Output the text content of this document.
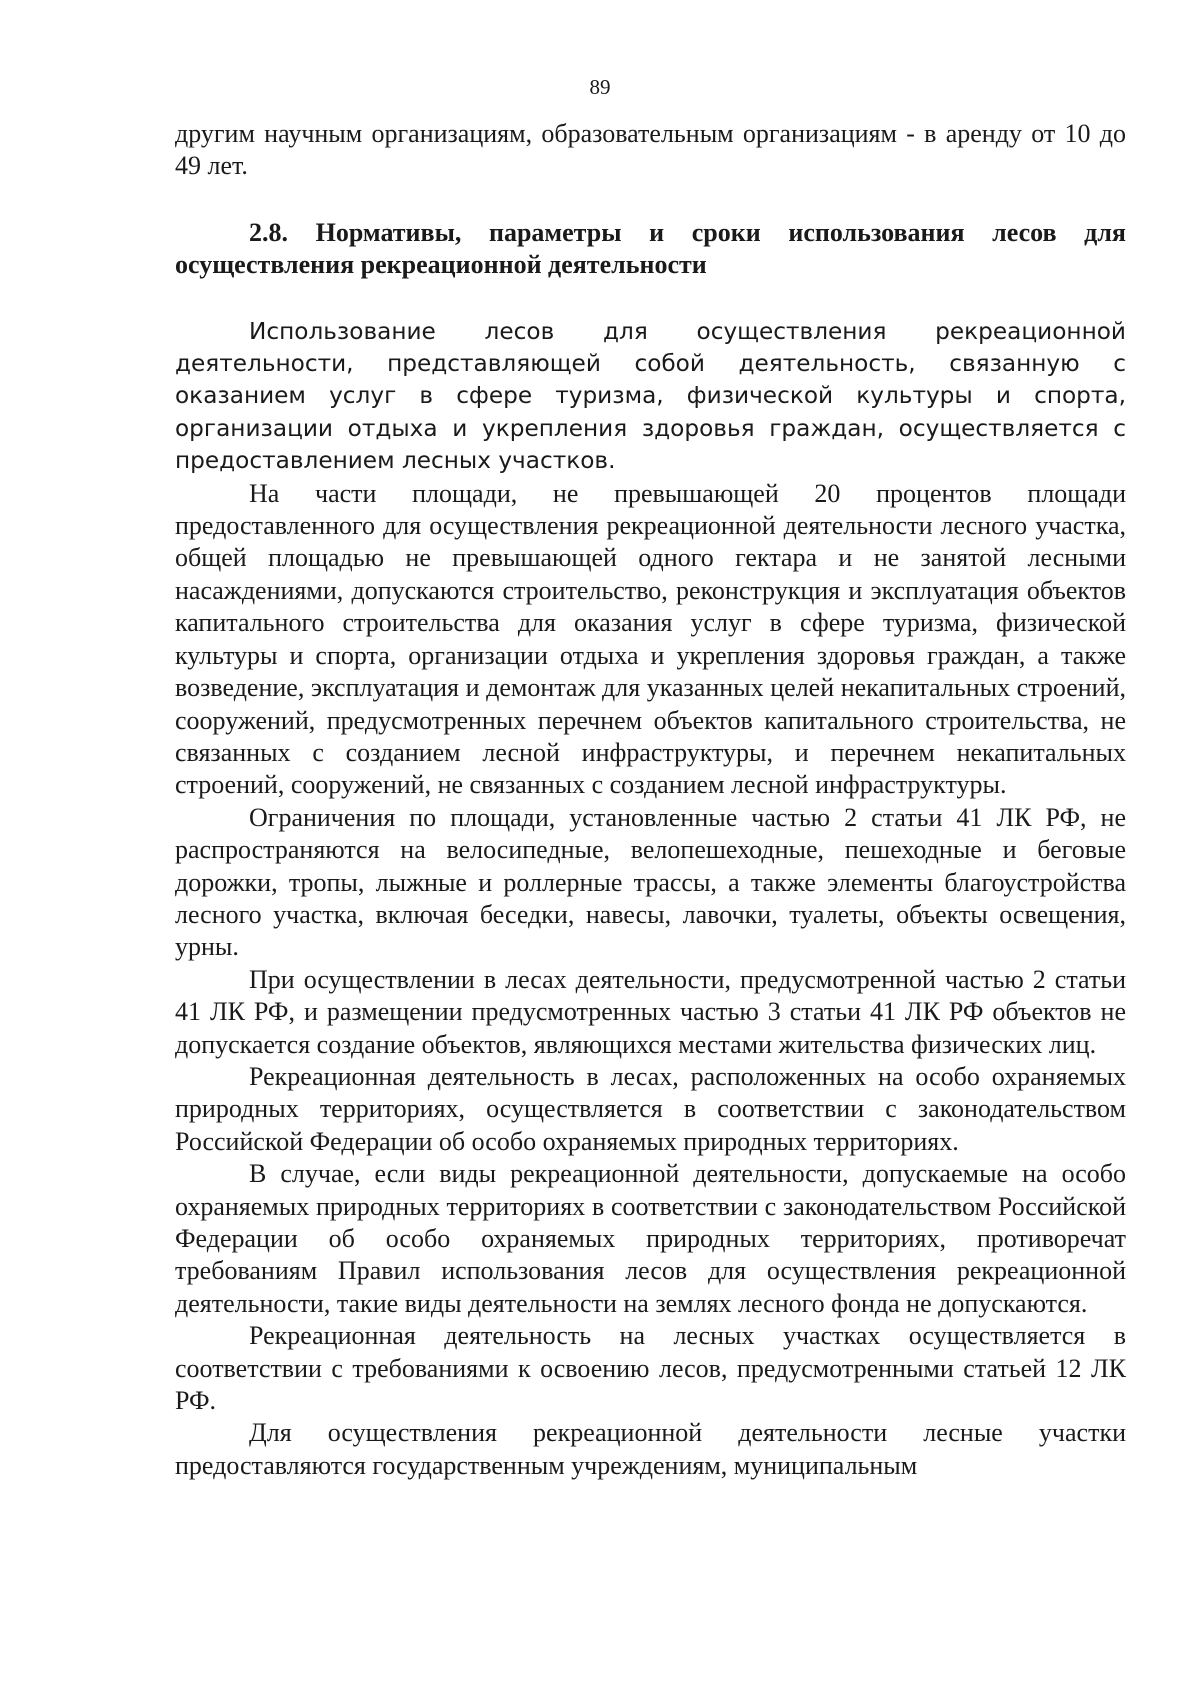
89

другим научным организациям, образовательным организациям - в аренду от 10 до 49 лет.

2.8. Нормативы, параметры и сроки использования лесов для осуществления рекреационной деятельности

Использование лесов для осуществления рекреационной деятельности, представляющей собой деятельность, связанную с оказанием услуг в сфере туризма, физической культуры и спорта, организации отдыха и укрепления здоровья граждан, осуществляется с предоставлением лесных участков.

На части площади, не превышающей 20 процентов площади предоставленного для осуществления рекреационной деятельности лесного участка, общей площадью не превышающей одного гектара и не занятой лесными насаждениями, допускаются строительство, реконструкция и эксплуатация объектов капитального строительства для оказания услуг в сфере туризма, физической культуры и спорта, организации отдыха и укрепления здоровья граждан, а также возведение, эксплуатация и демонтаж для указанных целей некапитальных строений, сооружений, предусмотренных перечнем объектов капитального строительства, не связанных с созданием лесной инфраструктуры, и перечнем некапитальных строений, сооружений, не связанных с созданием лесной инфраструктуры.

Ограничения по площади, установленные частью 2 статьи 41 ЛК РФ, не распространяются на велосипедные, велопешеходные, пешеходные и беговые дорожки, тропы, лыжные и роллерные трассы, а также элементы благоустройства лесного участка, включая беседки, навесы, лавочки, туалеты, объекты освещения, урны.

При осуществлении в лесах деятельности, предусмотренной частью 2 статьи 41 ЛК РФ, и размещении предусмотренных частью 3 статьи 41 ЛК РФ объектов не допускается создание объектов, являющихся местами жительства физических лиц.

Рекреационная деятельность в лесах, расположенных на особо охраняемых природных территориях, осуществляется в соответствии с законодательством Российской Федерации об особо охраняемых природных территориях.

В случае, если виды рекреационной деятельности, допускаемые на особо охраняемых природных территориях в соответствии с законодательством Российской Федерации об особо охраняемых природных территориях, противоречат требованиям Правил использования лесов для осуществления рекреационной деятельности, такие виды деятельности на землях лесного фонда не допускаются.

Рекреационная деятельность на лесных участках осуществляется в соответствии с требованиями к освоению лесов, предусмотренными статьей 12 ЛК РФ.

Для осуществления рекреационной деятельности лесные участки предоставляются государственным учреждениям, муниципальным
